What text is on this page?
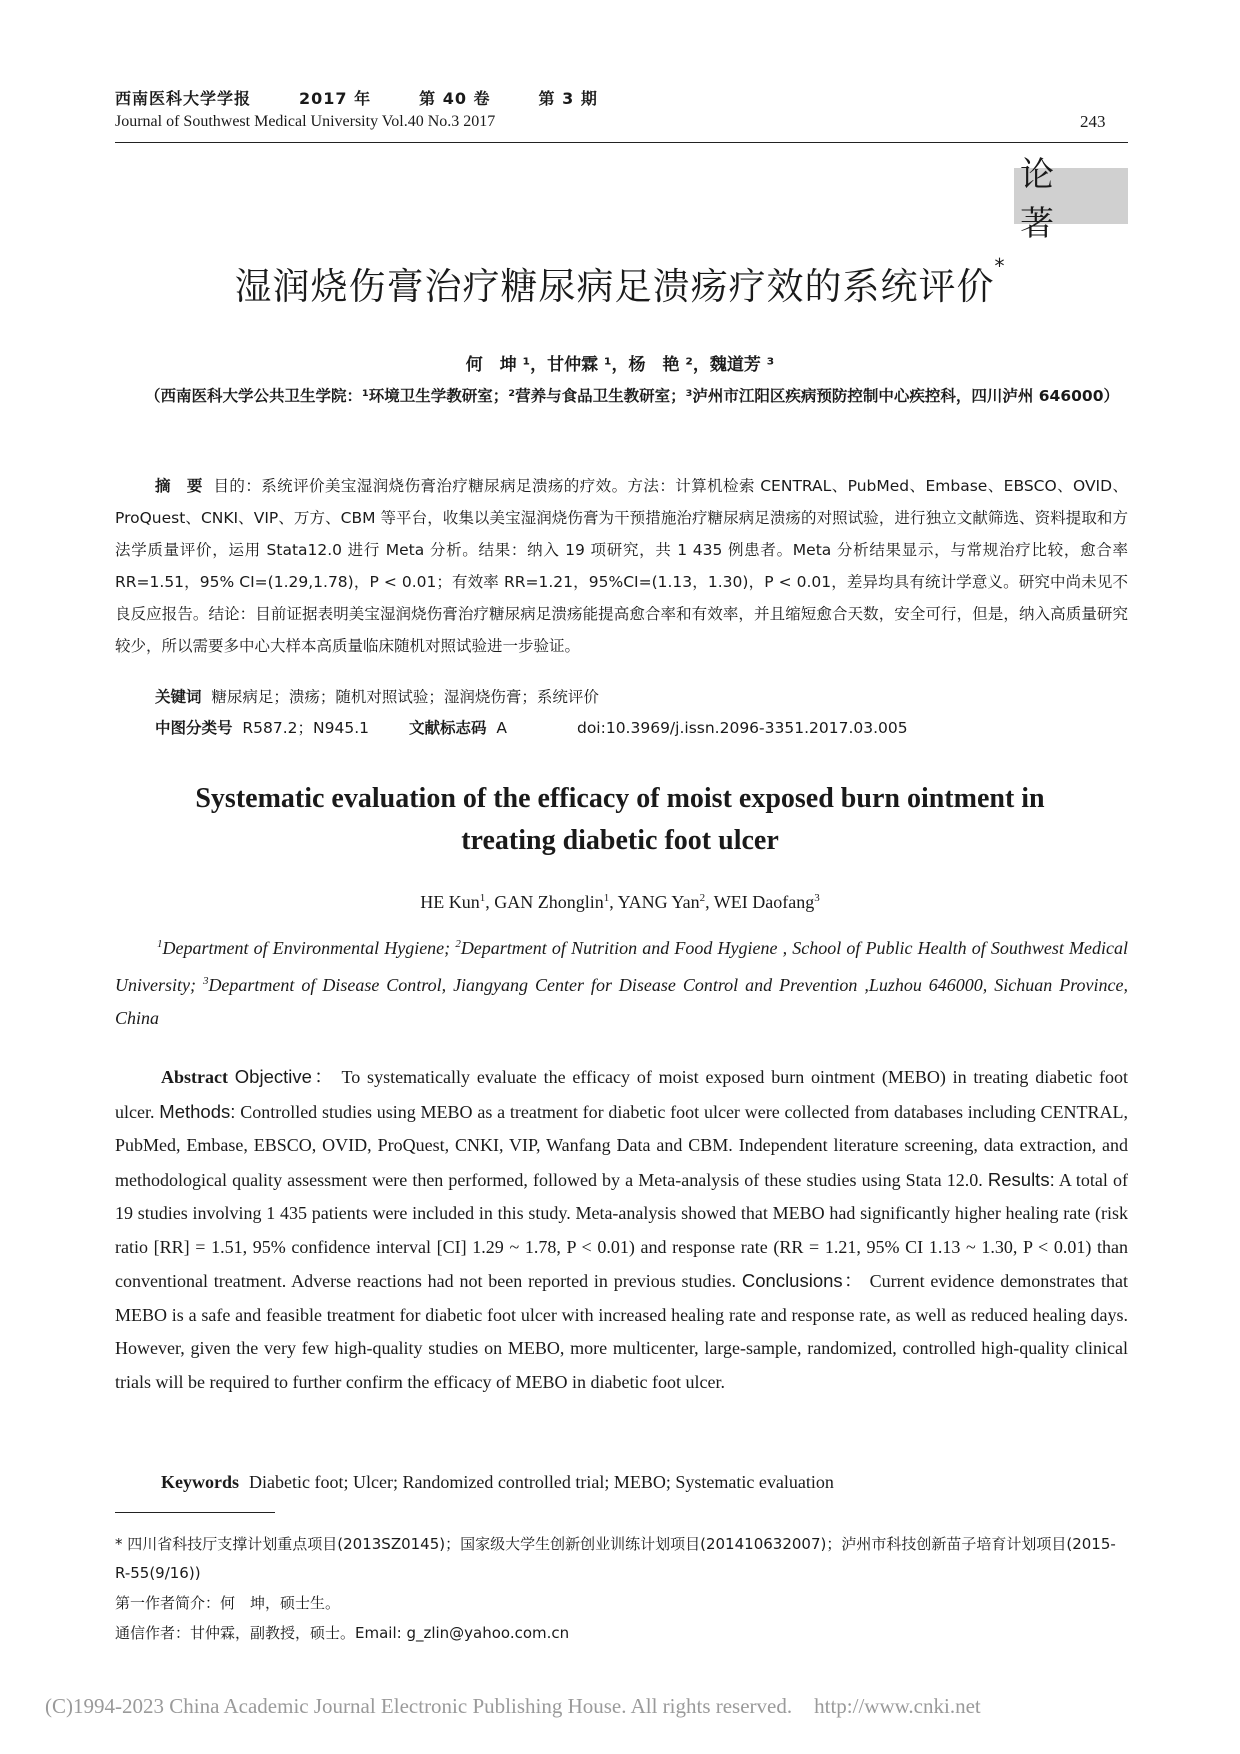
西南医科大学学报	2017 年	第 40 卷	第 3 期
Journal of Southwest Medical University Vol.40 No.3 2017	243
论 著
湿润烧伤膏治疗糖尿病足溃疡疗效的系统评价*
何　坤 ¹，甘仲霖 ¹，杨　艳 ²，魏道芳 ³
（西南医科大学公共卫生学院：¹环境卫生学教研室；²营养与食品卫生教研室；³泸州市江阳区疾病预防控制中心疾控科，四川泸州 646000）
摘　要 目的：系统评价美宝湿润烧伤膏治疗糖尿病足溃疡的疗效。方法：计算机检索 CENTRAL、PubMed、Embase、EBSCO、OVID、ProQuest、CNKI、VIP、万方、CBM 等平台，收集以美宝湿润烧伤膏为干预措施治疗糖尿病足溃疡的对照试验，进行独立文献筛选、资料提取和方法学质量评价，运用 Stata12.0 进行 Meta 分析。结果：纳入 19 项研究，共 1 435 例患者。Meta 分析结果显示，与常规治疗比较，愈合率 RR=1.51，95% CI=(1.29,1.78)，P < 0.01；有效率 RR=1.21，95%CI=(1.13，1.30)，P < 0.01，差异均具有统计学意义。研究中尚未见不良反应报告。结论：目前证据表明美宝湿润烧伤膏治疗糖尿病足溃疡能提高愈合率和有效率，并且缩短愈合天数，安全可行，但是，纳入高质量研究较少，所以需要多中心大样本高质量临床随机对照试验进一步验证。
关键词 糖尿病足；溃疡；随机对照试验；湿润烧伤膏；系统评价
中图分类号 R587.2；N945.1	文献标志码 A	doi:10.3969/j.issn.2096-3351.2017.03.005
Systematic evaluation of the efficacy of moist exposed burn ointment in
treating diabetic foot ulcer
HE Kun$^1$, GAN Zhonglin$^1$, YANG Yan$^2$, WEI Daofang$^3$
$^1$Department of Environmental Hygiene; $^2$Department of Nutrition and Food Hygiene , School of Public Health of Southwest Medical University; $^3$Department of Disease Control, Jiangyang Center for Disease Control and Prevention ,Luzhou 646000, Sichuan Province, China
Abstract Objective： To systematically evaluate the efficacy of moist exposed burn ointment (MEBO) in treating diabetic foot ulcer. Methods: Controlled studies using MEBO as a treatment for diabetic foot ulcer were collected from databases including CENTRAL, PubMed, Embase, EBSCO, OVID, ProQuest, CNKI, VIP, Wanfang Data and CBM. Independent literature screening, data extraction, and methodological quality assessment were then performed, followed by a Meta-analysis of these studies using Stata 12.0. Results: A total of 19 studies involving 1 435 patients were included in this study. Meta-analysis showed that MEBO had significantly higher healing rate (risk ratio [RR] = 1.51, 95% confidence interval [CI] 1.29 ~ 1.78, P < 0.01) and response rate (RR = 1.21, 95% CI 1.13 ~ 1.30, P < 0.01) than conventional treatment. Adverse reactions had not been reported in previous studies. Conclusions： Current evidence demonstrates that MEBO is a safe and feasible treatment for diabetic foot ulcer with increased healing rate and response rate, as well as reduced healing days. However, given the very few high-quality studies on MEBO, more multicenter, large-sample, randomized, controlled high-quality clinical trials will be required to further confirm the efficacy of MEBO in diabetic foot ulcer.
Keywords Diabetic foot; Ulcer; Randomized controlled trial; MEBO; Systematic evaluation
* 四川省科技厅支撑计划重点项目(2013SZ0145)；国家级大学生创新创业训练计划项目(201410632007)；泸州市科技创新苗子培育计划项目(2015-R-55(9/16))
第一作者简介：何　坤，硕士生。
通信作者：甘仲霖，副教授，硕士。Email: g_zlin@yahoo.com.cn
(C)1994-2023 China Academic Journal Electronic Publishing House. All rights reserved. http://www.cnki.net
